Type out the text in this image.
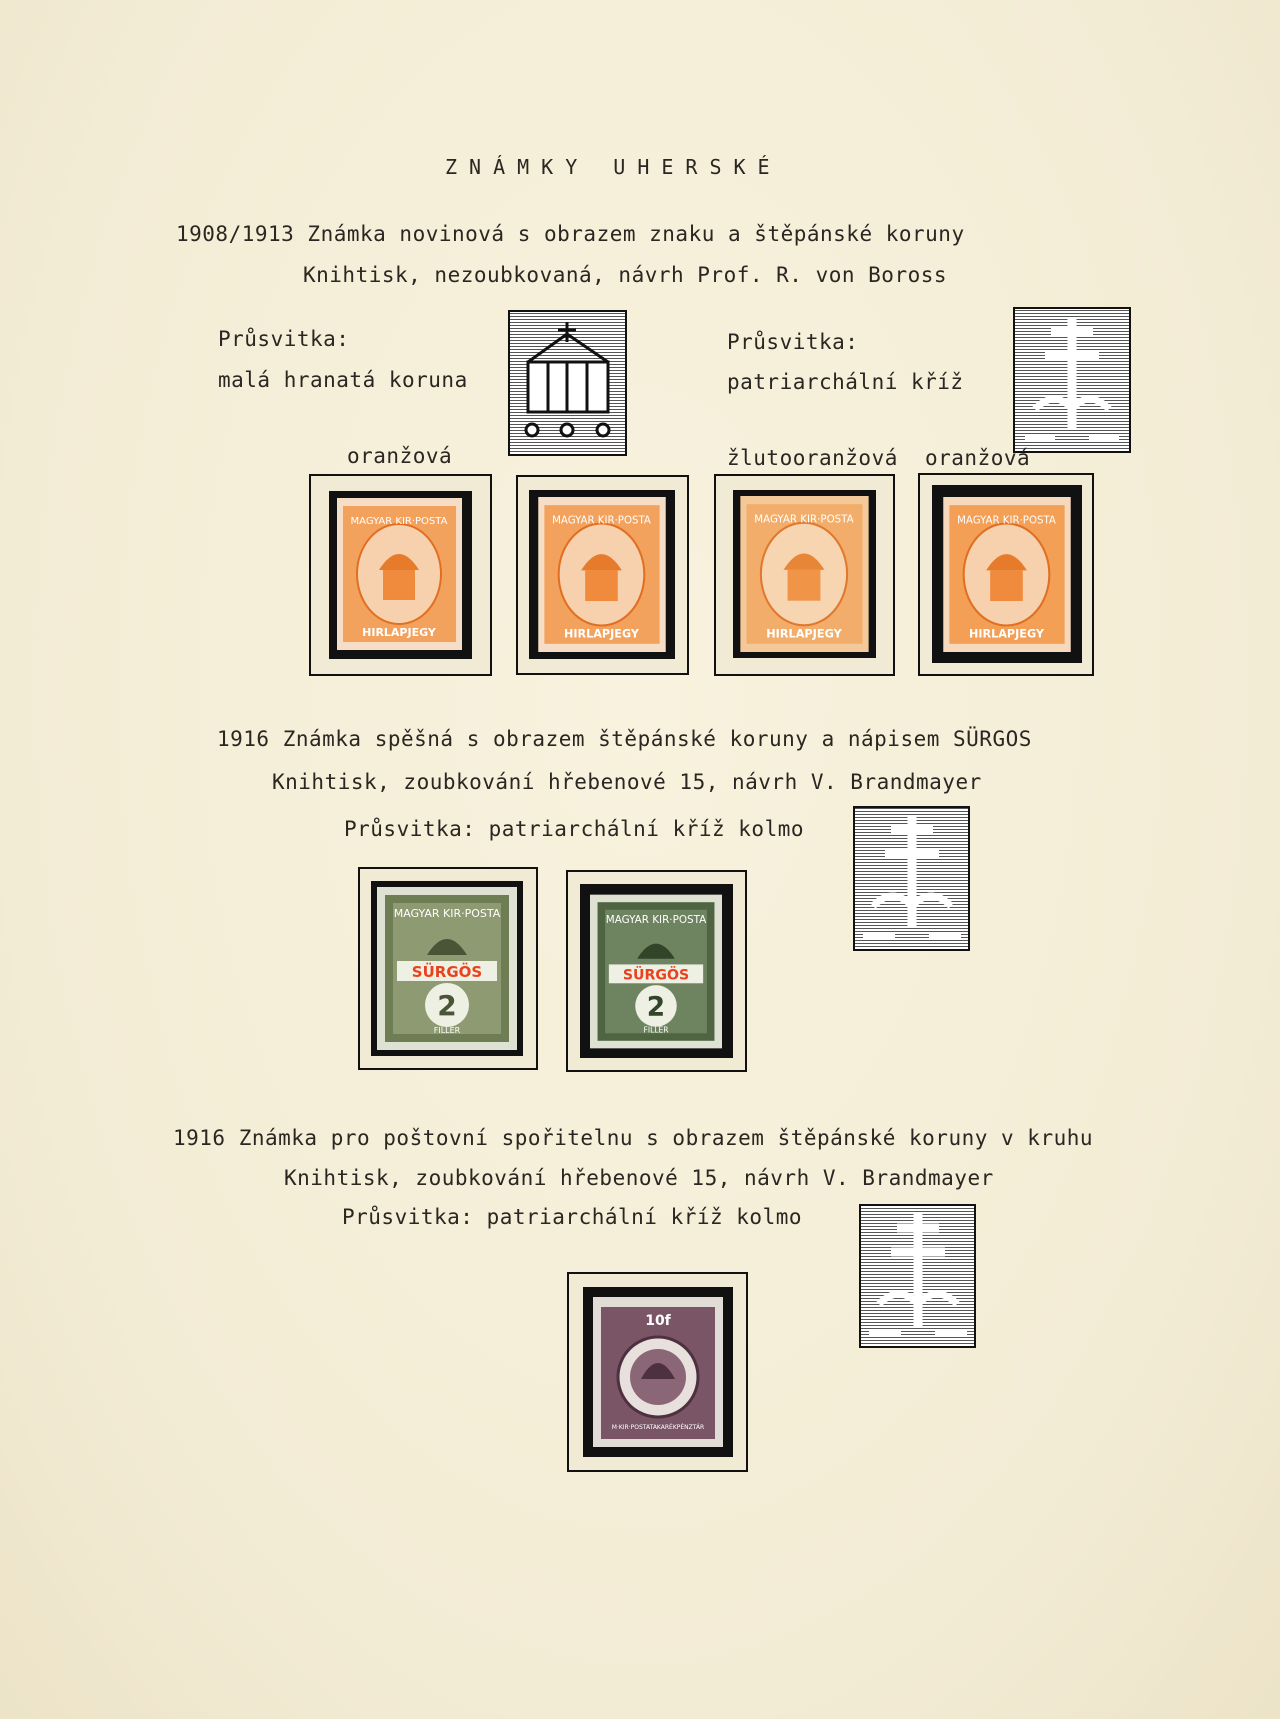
ZNÁMKY UHERSKÉ
1908/1913 Známka novinová s obrazem znaku a štěpánské koruny
Knihtisk, nezoubkovaná, návrh Prof. R. von Boross
Průsvitka:
malá hranatá koruna
Průsvitka:
patriarchální kříž
oranžová	žlutooranžová oranžová
MAGYAR KIR·POSTA
HIRLAPJEGY
MAGYAR KIR·POSTA
HIRLAPJEGY
MAGYAR KIR·POSTA
HIRLAPJEGY
MAGYAR KIR·POSTA
HIRLAPJEGY
1916 Známka spěšná s obrazem štěpánské koruny a nápisem SÜRGOS
Knihtisk, zoubkování hřebenové 15, návrh V. Brandmayer
Průsvitka: patriarchální kříž kolmo
MAGYAR KIR·POSTA
SÜRGÖS
2
FILLÉR
MAGYAR KIR·POSTA
SÜRGÖS
2
FILLÉR
1916 Známka pro poštovní spořitelnu s obrazem štěpánské koruny v kruhu
Knihtisk, zoubkování hřebenové 15, návrh V. Brandmayer
Průsvitka: patriarchální kříž kolmo
10f
M·KIR·POSTATAKARÉKPÉNZTÁR
